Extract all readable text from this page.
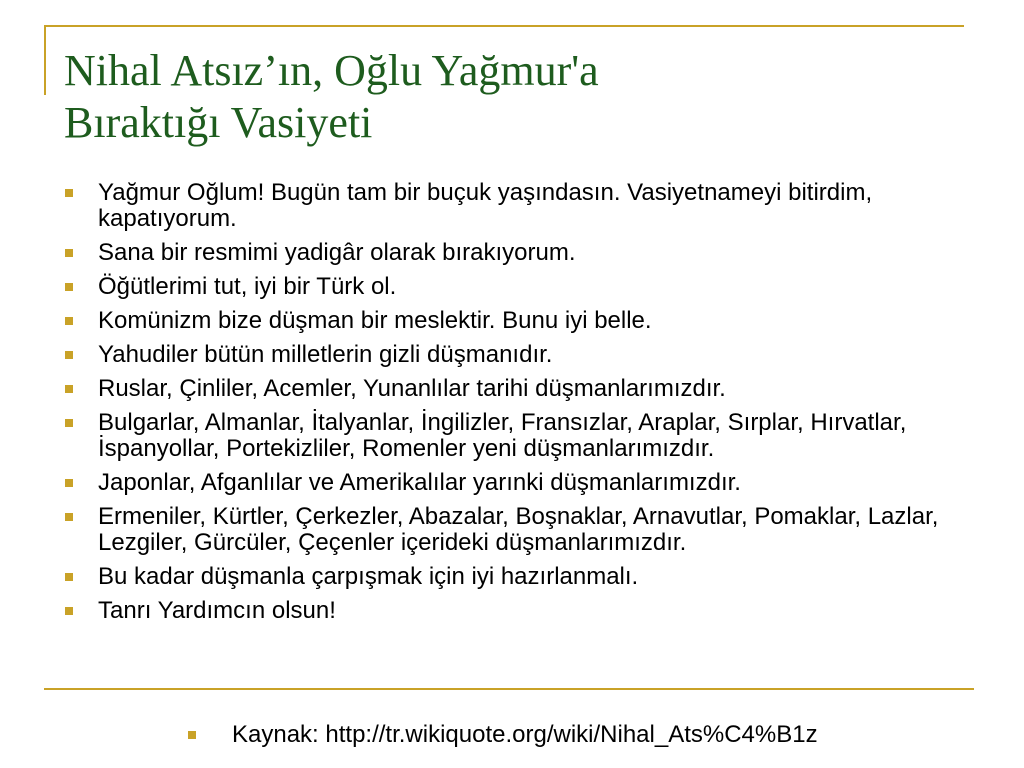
Nihal Atsız’ın, Oğlu Yağmur'a
Bıraktığı Vasiyeti
Yağmur Oğlum! Bugün tam bir buçuk yaşındasın. Vasiyetnameyi bitirdim, kapatıyorum.
Sana bir resmimi yadigâr olarak bırakıyorum.
Öğütlerimi tut, iyi bir Türk ol.
Komünizm bize düşman bir meslektir. Bunu iyi belle.
Yahudiler bütün milletlerin gizli düşmanıdır.
Ruslar, Çinliler, Acemler, Yunanlılar tarihi düşmanlarımızdır.
Bulgarlar, Almanlar, İtalyanlar, İngilizler, Fransızlar, Araplar, Sırplar, Hırvatlar, İspanyollar, Portekizliler, Romenler yeni düşmanlarımızdır.
Japonlar, Afganlılar ve Amerikalılar yarınki düşmanlarımızdır.
Ermeniler, Kürtler, Çerkezler, Abazalar, Boşnaklar, Arnavutlar, Pomaklar, Lazlar, Lezgiler, Gürcüler, Çeçenler içerideki düşmanlarımızdır.
Bu kadar düşmanla çarpışmak için iyi hazırlanmalı.
Tanrı Yardımcın olsun!
Kaynak: http://tr.wikiquote.org/wiki/Nihal_Ats%C4%B1z
